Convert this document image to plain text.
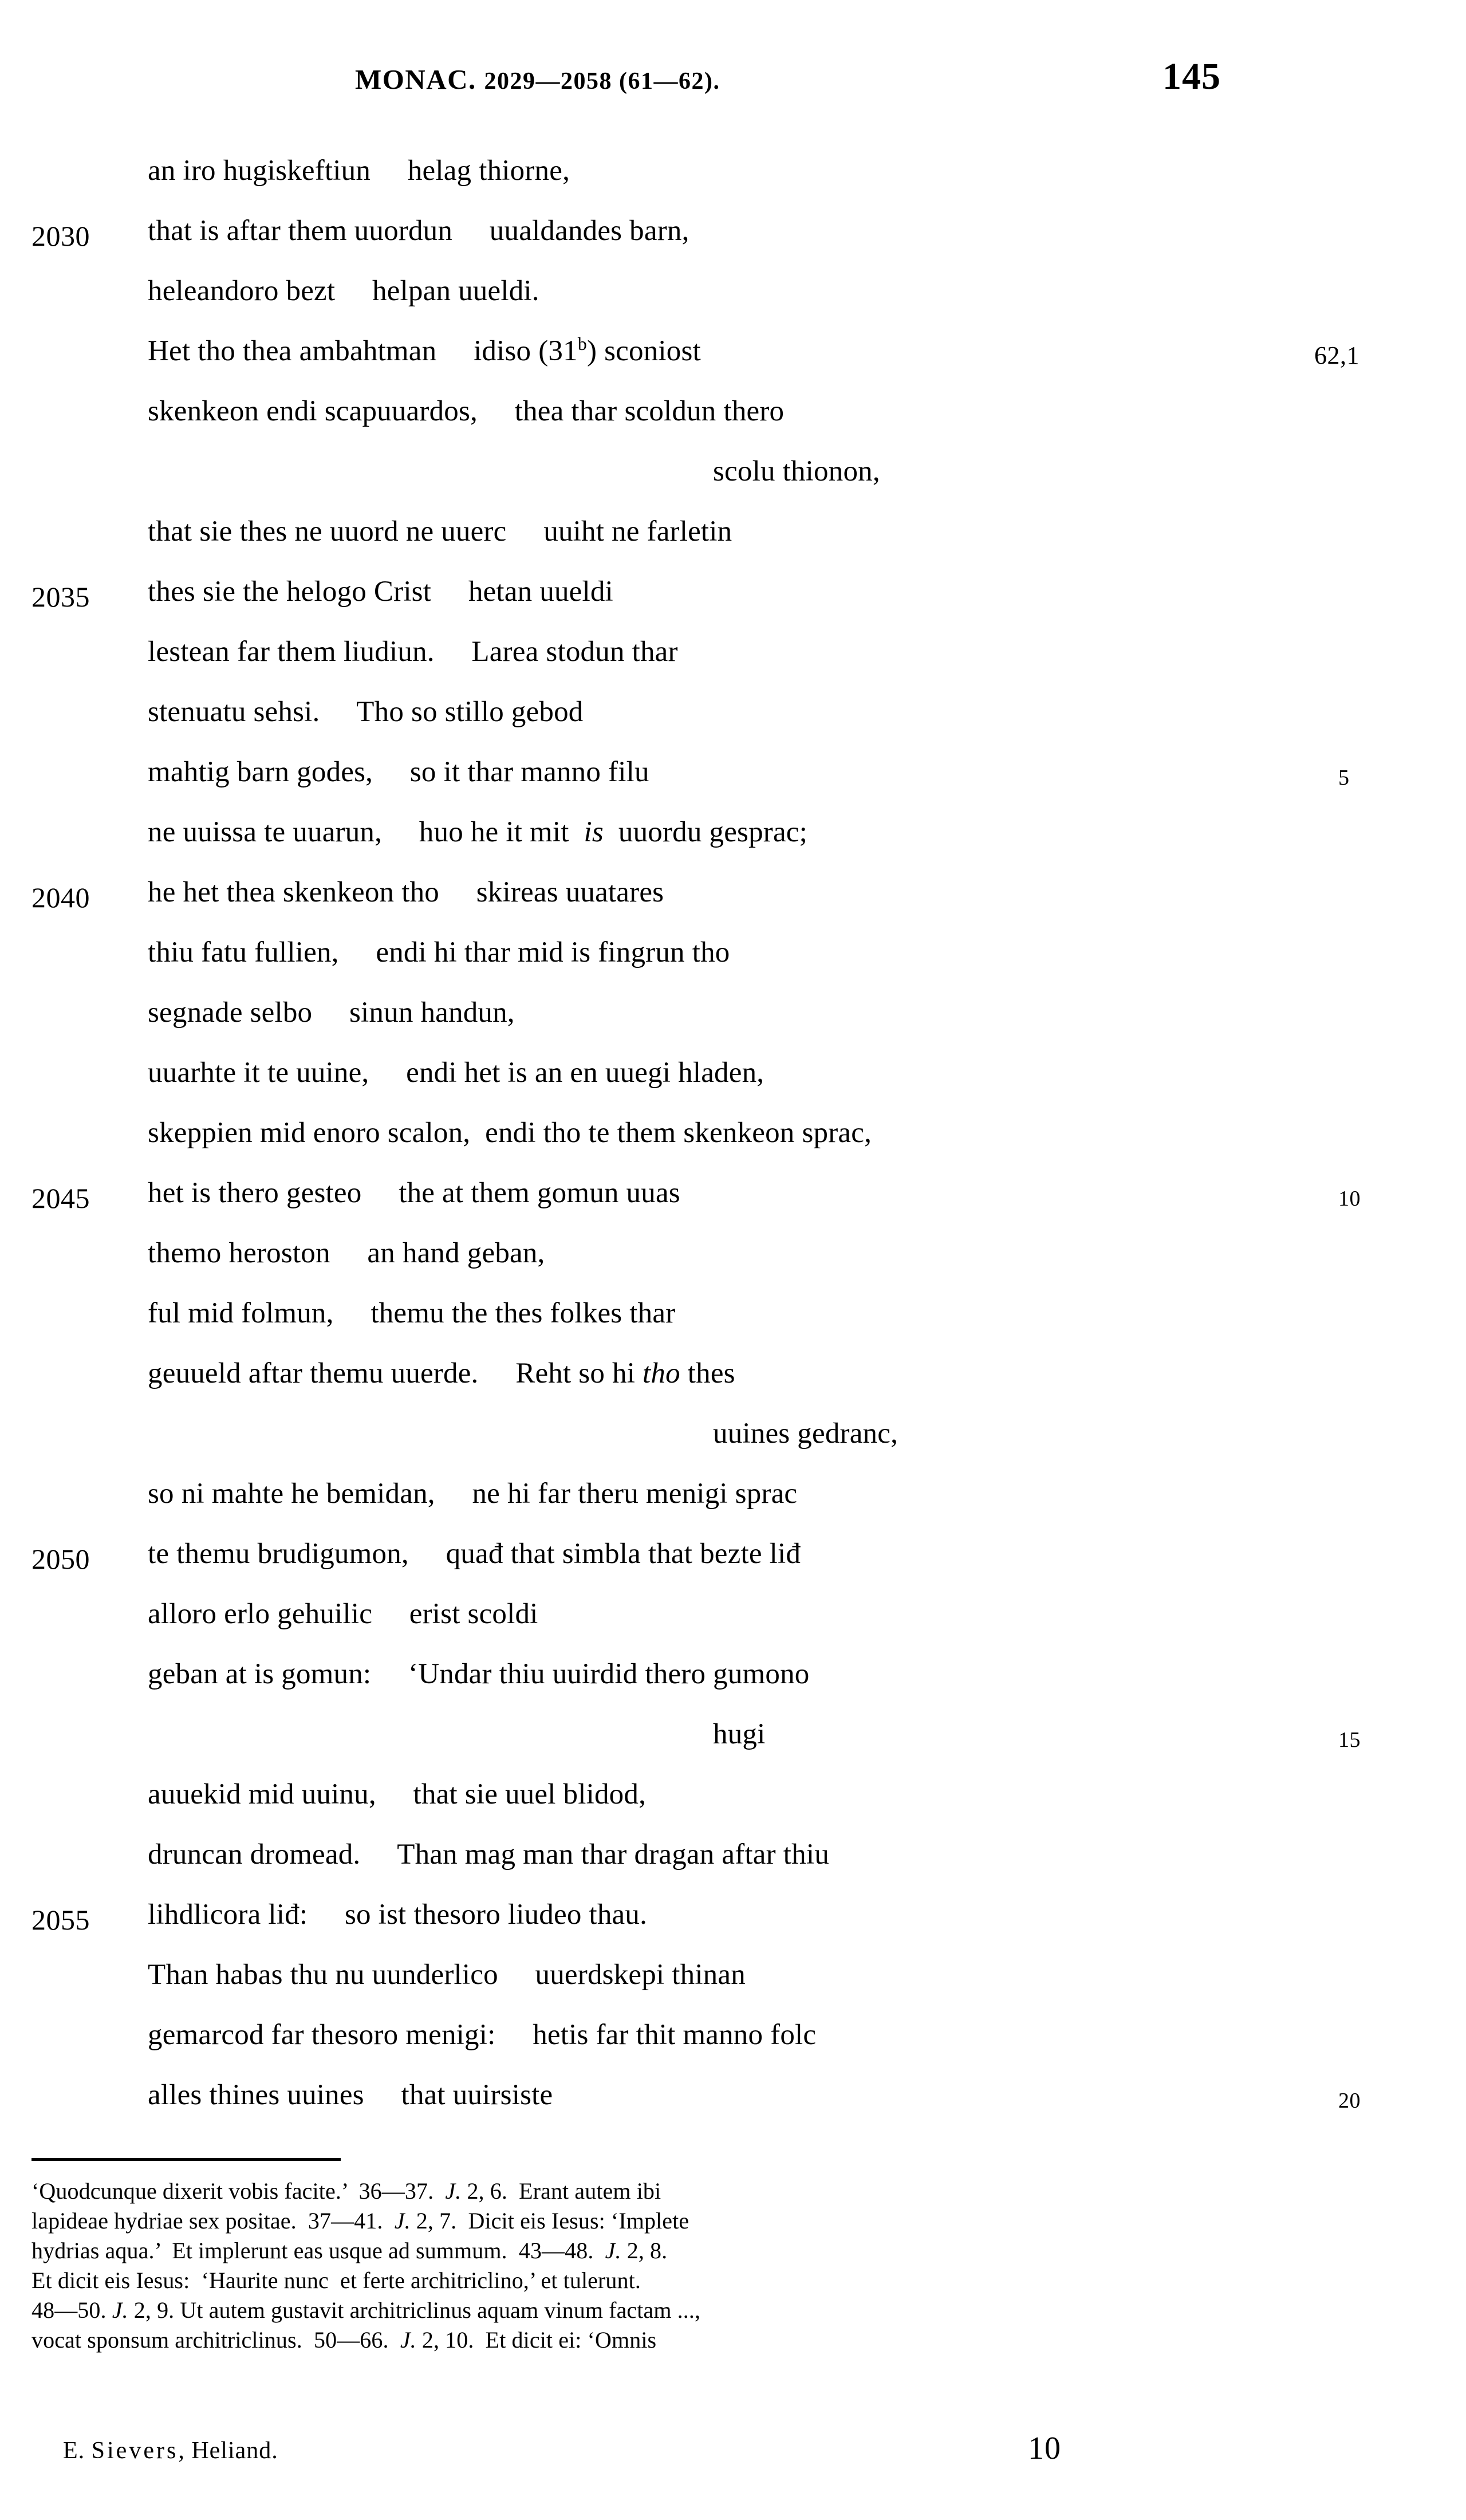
MONAC. 2029—2058 (61—62).	145
an iro hugiskeftiun     helag thiorne,
2030	that is aftar them uuordun     uualdandes barn,
heleandoro bezt     helpan uueldi.
Het tho thea ambahtman     idiso (31$^b$) sconiost	62,1
skenkeon endi scapuuardos,     thea thar scoldun thero
scolu thionon,
that sie thes ne uuord ne uuerc     uuiht ne farletin
2035	thes sie the helogo Crist     hetan uueldi
lestean far them liudiun.     Larea stodun thar
stenuatu sehsi.     Tho so stillo gebod
mahtig barn godes,     so it thar manno filu	5
ne uuissa te uuarun,     huo he it mit  is  uuordu gesprac;
2040	he het thea skenkeon tho     skireas uuatares
thiu fatu fullien,     endi hi thar mid is fingrun tho
segnade selbo     sinun handun,
uuarhte it te uuine,     endi het is an en uuegi hladen,
skeppien mid enoro scalon,  endi tho te them skenkeon sprac,
2045	het is thero gesteo     the at them gomun uuas	10
themo heroston     an hand geban,
ful mid folmun,     themu the thes folkes thar
geuueld aftar themu uuerde.     Reht so hi tho thes
uuines gedranc,
so ni mahte he bemidan,     ne hi far theru menigi sprac
2050	te themu brudigumon,     quađ that simbla that bezte liđ
alloro erlo gehuilic     erist scoldi
geban at is gomun:     ‘Undar thiu uuirdid thero gumono
hugi	15
auuekid mid uuinu,     that sie uuel blidod,
druncan dromead.     Than mag man thar dragan aftar thiu
2055	lihdlicora liđ:     so ist thesoro liudeo thau.
Than habas thu nu uunderlico     uuerdskepi thinan
gemarcod far thesoro menigi:     hetis far thit manno folc
alles thines uuines     that uuirsiste	20
‘Quodcunque dixerit vobis facite.’  36—37.  J. 2, 6.  Erant autem ibi
lapideae hydriae sex positae.  37—41.  J. 2, 7.  Dicit eis Iesus: ‘Implete
hydrias aqua.’  Et implerunt eas usque ad summum.  43—48.  J. 2, 8.
Et dicit eis Iesus:  ‘Haurite nunc  et ferte architriclino,’ et tulerunt.
48—50. J. 2, 9. Ut autem gustavit architriclinus aquam vinum factam ...,
vocat sponsum architriclinus.  50—66.  J. 2, 10.  Et dicit ei: ‘Omnis
E. Sievers, Heliand.	10
